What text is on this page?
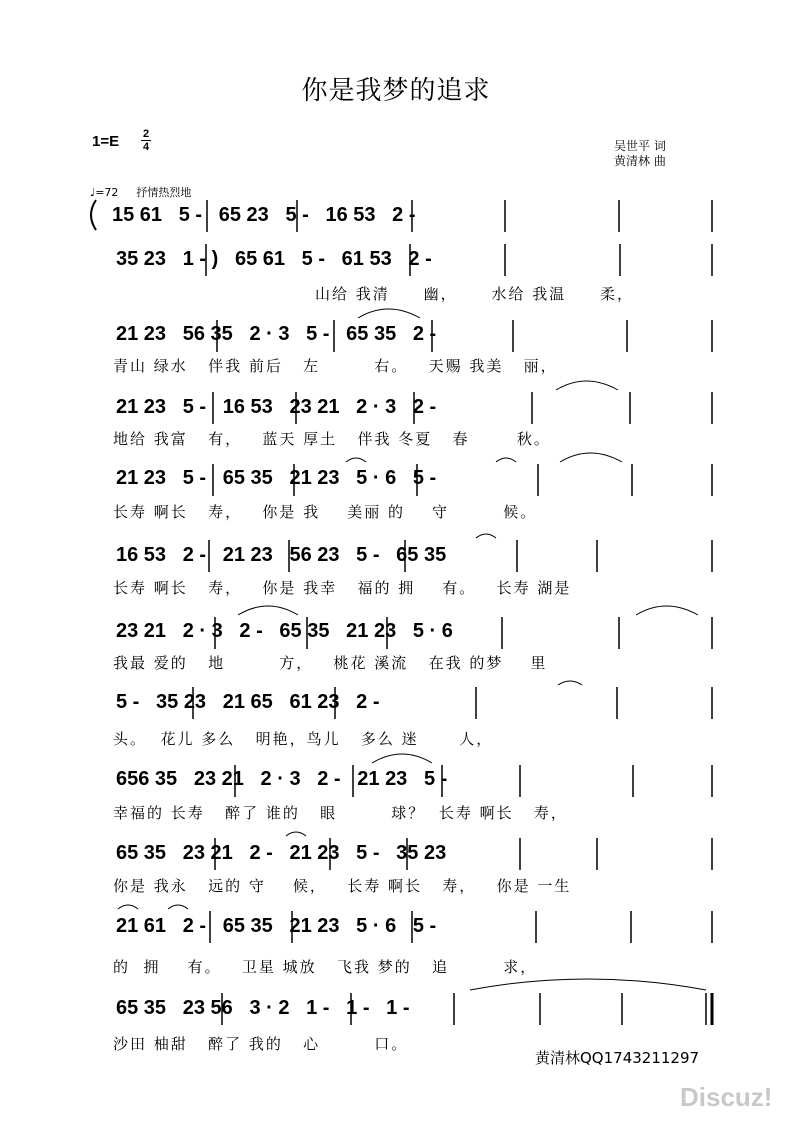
你是我梦的追求
1=E 2
4	吴世平 词
黄清林 曲
♩=72 抒情热烈地
15 61   5 -   65 23   5 -   16 53   2 -
35 23   1 - )   65 61   5 -   61 53   2 -
山给 我清     幽，     水给 我温     柔，
21 23   56 35   2 · 3   5 -   65 35   2 -
青山 绿水   伴我 前后   左        右。   天赐 我美   丽，
21 23   5 -   16 53   23 21   2 · 3   2 -
地给 我富   有，   蓝天 厚土   伴我 冬夏   春       秋。
21 23   5 -   65 35   21 23   5 · 6   5 -
长寿 啊长   寿，   你是 我    美丽 的    守        候。
16 53   2 -   21 23   56 23   5 -   65 35
长寿 啊长   寿，   你是 我幸   福的 拥    有。   长寿 湖是
23 21   2 · 3   2 -   65 35   21 23   5 · 6
我最 爱的   地        方，   桃花 溪流   在我 的梦    里
5 -   35 23   21 65   61 23   2 -
头。  花儿 多么   明艳，鸟儿   多么 迷      人，
656 35   23 21   2 · 3   2 -   21 23   5 -
幸福的 长寿   醉了 谁的   眼        球？  长寿 啊长   寿，
65 35   23 21   2 -   21 23   5 -   35 23
你是 我永   远的 守    候，   长寿 啊长   寿，   你是 一生
21 61   2 -   65 35   21 23   5 · 6   5 -
的  拥    有。   卫星 城放   飞我 梦的   追        求，
65 35   23 56   3 · 2   1 -   1 -   1 -
沙田 柚甜   醉了 我的   心        口。
黄清林QQ1743211297
Discuz!
